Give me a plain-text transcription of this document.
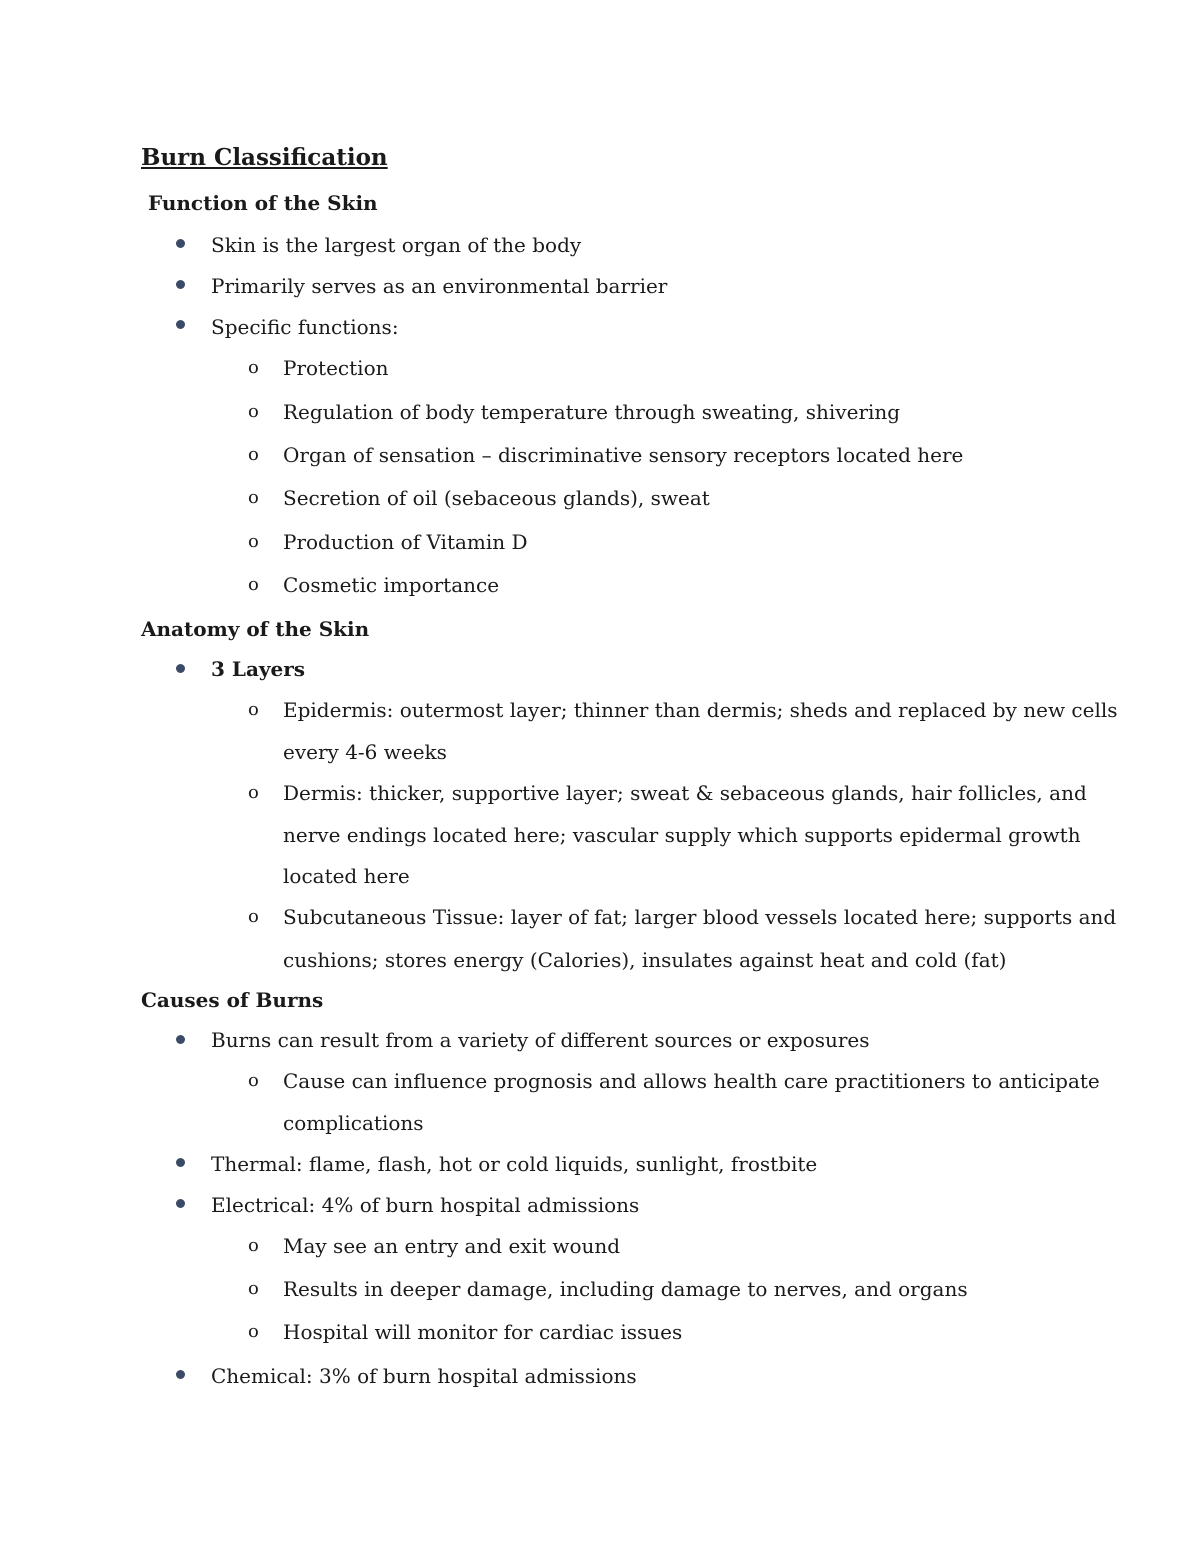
Burn Classification
Function of the Skin
Skin is the largest organ of the body
Primarily serves as an environmental barrier
Specific functions:
o Protection
o Regulation of body temperature through sweating, shivering
o Organ of sensation – discriminative sensory receptors located here
o Secretion of oil (sebaceous glands), sweat
o Production of Vitamin D
o Cosmetic importance
Anatomy of the Skin
3 Layers
o Epidermis: outermost layer; thinner than dermis; sheds and replaced by new cells
every 4-6 weeks
o Dermis: thicker, supportive layer; sweat & sebaceous glands, hair follicles, and
nerve endings located here; vascular supply which supports epidermal growth
located here
o Subcutaneous Tissue: layer of fat; larger blood vessels located here; supports and
cushions; stores energy (Calories), insulates against heat and cold (fat)
Causes of Burns
Burns can result from a variety of different sources or exposures
o Cause can influence prognosis and allows health care practitioners to anticipate
complications
Thermal: flame, flash, hot or cold liquids, sunlight, frostbite
Electrical: 4% of burn hospital admissions
o May see an entry and exit wound
o Results in deeper damage, including damage to nerves, and organs
o Hospital will monitor for cardiac issues
Chemical: 3% of burn hospital admissions
